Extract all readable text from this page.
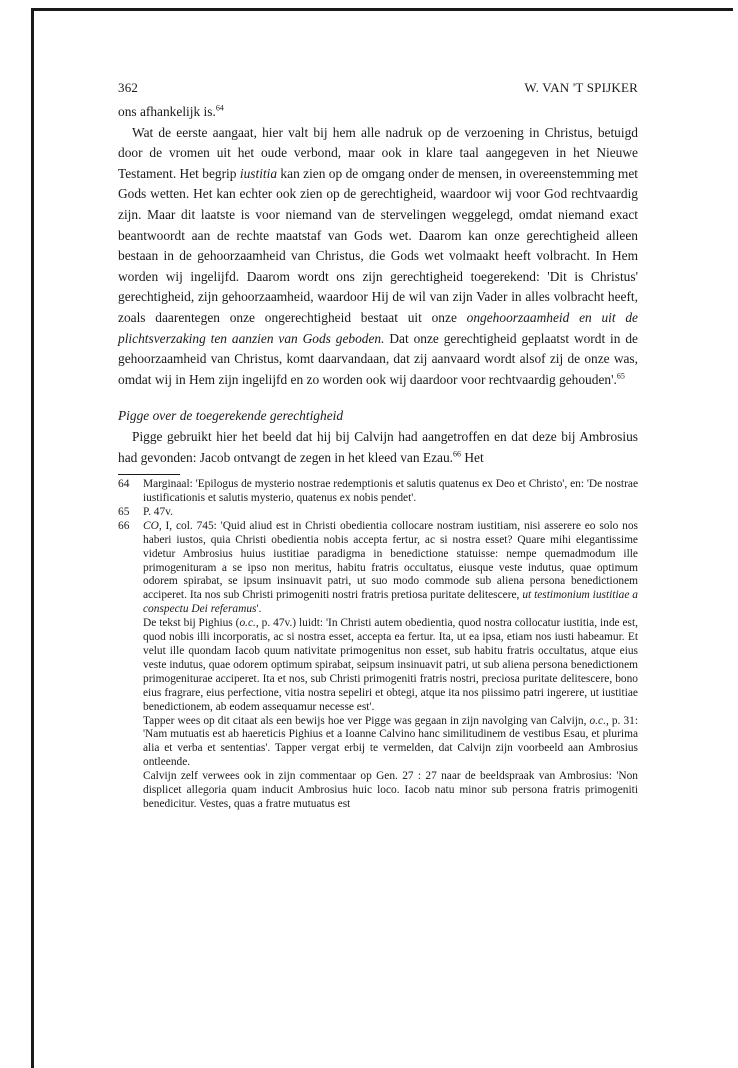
362	W. VAN 'T SPIJKER

ons afhankelijk is.$^{64}$

Wat de eerste aangaat, hier valt bij hem alle nadruk op de verzoening in Christus, betuigd door de vromen uit het oude verbond, maar ook in klare taal aangegeven in het Nieuwe Testament. Het begrip iustitia kan zien op de omgang onder de mensen, in overeenstemming met Gods wetten. Het kan echter ook zien op de gerechtigheid, waardoor wij voor God rechtvaardig zijn. Maar dit laatste is voor niemand van de stervelingen weggelegd, omdat niemand exact beantwoordt aan de rechte maatstaf van Gods wet. Daarom kan onze gerechtigheid alleen bestaan in de gehoorzaamheid van Christus, die Gods wet volmaakt heeft volbracht. In Hem worden wij ingelijfd. Daarom wordt ons zijn gerechtigheid toegerekend: 'Dit is Christus' gerechtigheid, zijn gehoorzaamheid, waardoor Hij de wil van zijn Vader in alles volbracht heeft, zoals daarentegen onze ongerechtigheid bestaat uit onze ongehoorzaamheid en uit de plichtsverzaking ten aanzien van Gods geboden. Dat onze gerechtigheid geplaatst wordt in de gehoorzaamheid van Christus, komt daarvandaan, dat zij aanvaard wordt alsof zij de onze was, omdat wij in Hem zijn ingelijfd en zo worden ook wij daardoor voor rechtvaardig gehouden'.$^{65}$

Pigge over de toegerekende gerechtigheid

Pigge gebruikt hier het beeld dat hij bij Calvijn had aangetroffen en dat deze bij Ambrosius had gevonden: Jacob ontvangt de zegen in het kleed van Ezau.$^{66}$ Het

64	Marginaal: 'Epilogus de mysterio nostrae redemptionis et salutis quatenus ex Deo et Christo', en: 'De nostrae iustificationis et salutis mysterio, quatenus ex nobis pendet'.
65	P. 47v.
66	CO, I, col. 745: 'Quid aliud est in Christi obedientia collocare nostram iustitiam, nisi asserere eo solo nos haberi iustos, quia Christi obedientia nobis accepta fertur, ac si nostra esset? Quare mihi elegantissime videtur Ambrosius huius iustitiae paradigma in benedictione statuisse: nempe quemadmodum ille primogenituram a se ipso non meritus, habitu fratris occultatus, eiusque veste indutus, quae optimum odorem spirabat, se ipsum insinuavit patri, ut suo modo commode sub aliena persona benedictionem acciperet. Ita nos sub Christi primogeniti nostri fratris pretiosa puritate delitescere, ut testimonium iustitiae a conspectu Dei referamus'.

De tekst bij Pighius (o.c., p. 47v.) luidt: 'In Christi autem obedientia, quod nostra collocatur iustitia, inde est, quod nobis illi incorporatis, ac si nostra esset, accepta ea fertur. Ita, ut ea ipsa, etiam nos iusti habeamur. Et velut ille quondam Iacob quum nativitate primogenitus non esset, sub habitu fratris occultatus, atque eius veste indutus, quae odorem optimum spirabat, seipsum insinuavit patri, ut sub aliena persona benedictionem primogeniturae acciperet. Ita et nos, sub Christi primogeniti fratris nostri, preciosa puritate delitescere, bono eius fragrare, eius perfectione, vitia nostra sepeliri et obtegi, atque ita nos piissimo patri ingerere, ut iustitiae benedictionem, ab eodem assequamur necesse est'.

Tapper wees op dit citaat als een bewijs hoe ver Pigge was gegaan in zijn navolging van Calvijn, o.c., p. 31: 'Nam mutuatis est ab haereticis Pighius et a Ioanne Calvino hanc similitudinem de vestibus Esau, et plurima alia et verba et sententias'. Tapper vergat erbij te vermelden, dat Calvijn zijn voorbeeld aan Ambrosius ontleende.

Calvijn zelf verwees ook in zijn commentaar op Gen. 27 : 27 naar de beeldspraak van Ambrosius: 'Non displicet allegoria quam inducit Ambrosius huic loco. Iacob natu minor sub persona fratris primogeniti benedicitur. Vestes, quas a fratre mutuatus est
